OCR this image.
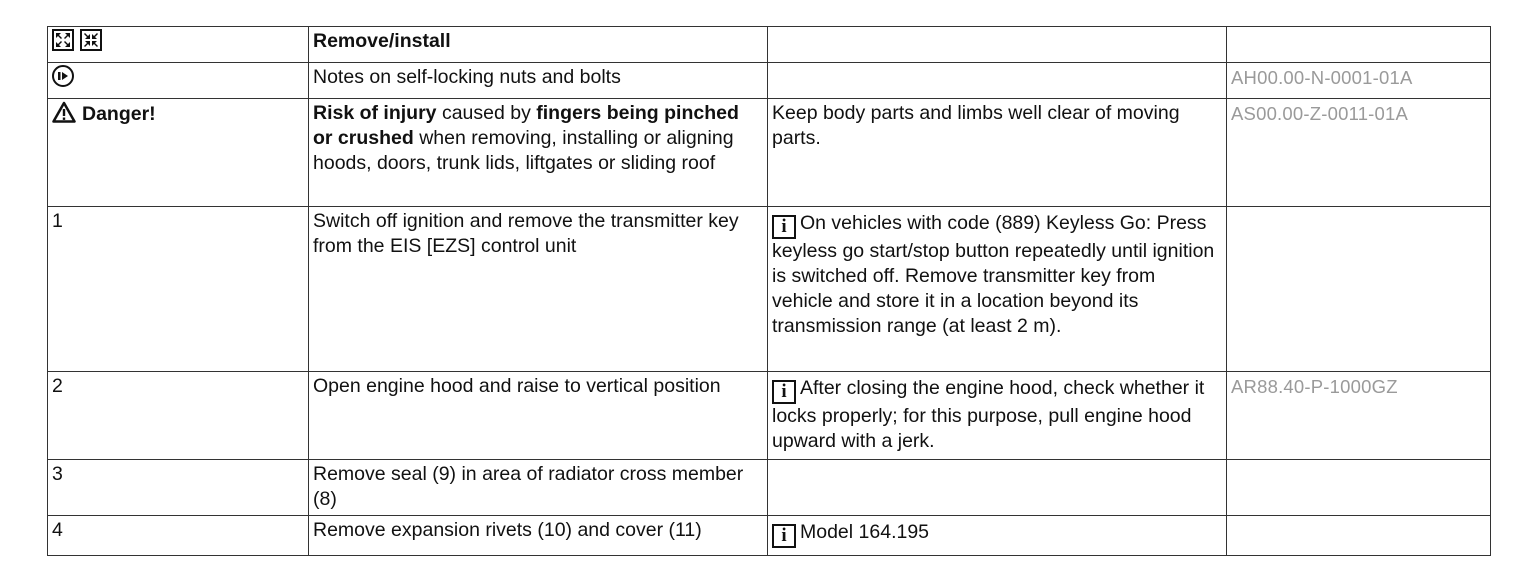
	Remove/install		

	Notes on self-locking nuts and bolts		AH00.00-N-0001-01A
Danger!	Risk of injury caused by fingers being pinched or crushed when removing, installing or aligning hoods, doors, trunk lids, liftgates or sliding roof	Keep body parts and limbs well clear of moving parts.	AS00.00-Z-0011-01A
1	Switch off ignition and remove the transmitter key from the EIS [EZS] control unit	i On vehicles with code (889) Keyless Go: Press keyless go start/stop button repeatedly until ignition is switched off. Remove transmitter key from vehicle and store it in a location beyond its transmission range (at least 2 m).	
2	Open engine hood and raise to vertical position	i After closing the engine hood, check whether it locks properly; for this purpose, pull engine hood upward with a jerk.	AR88.40-P-1000GZ
3	Remove seal (9) in area of radiator cross member (8)		
4	Remove expansion rivets (10) and cover (11)	i Model 164.195	
